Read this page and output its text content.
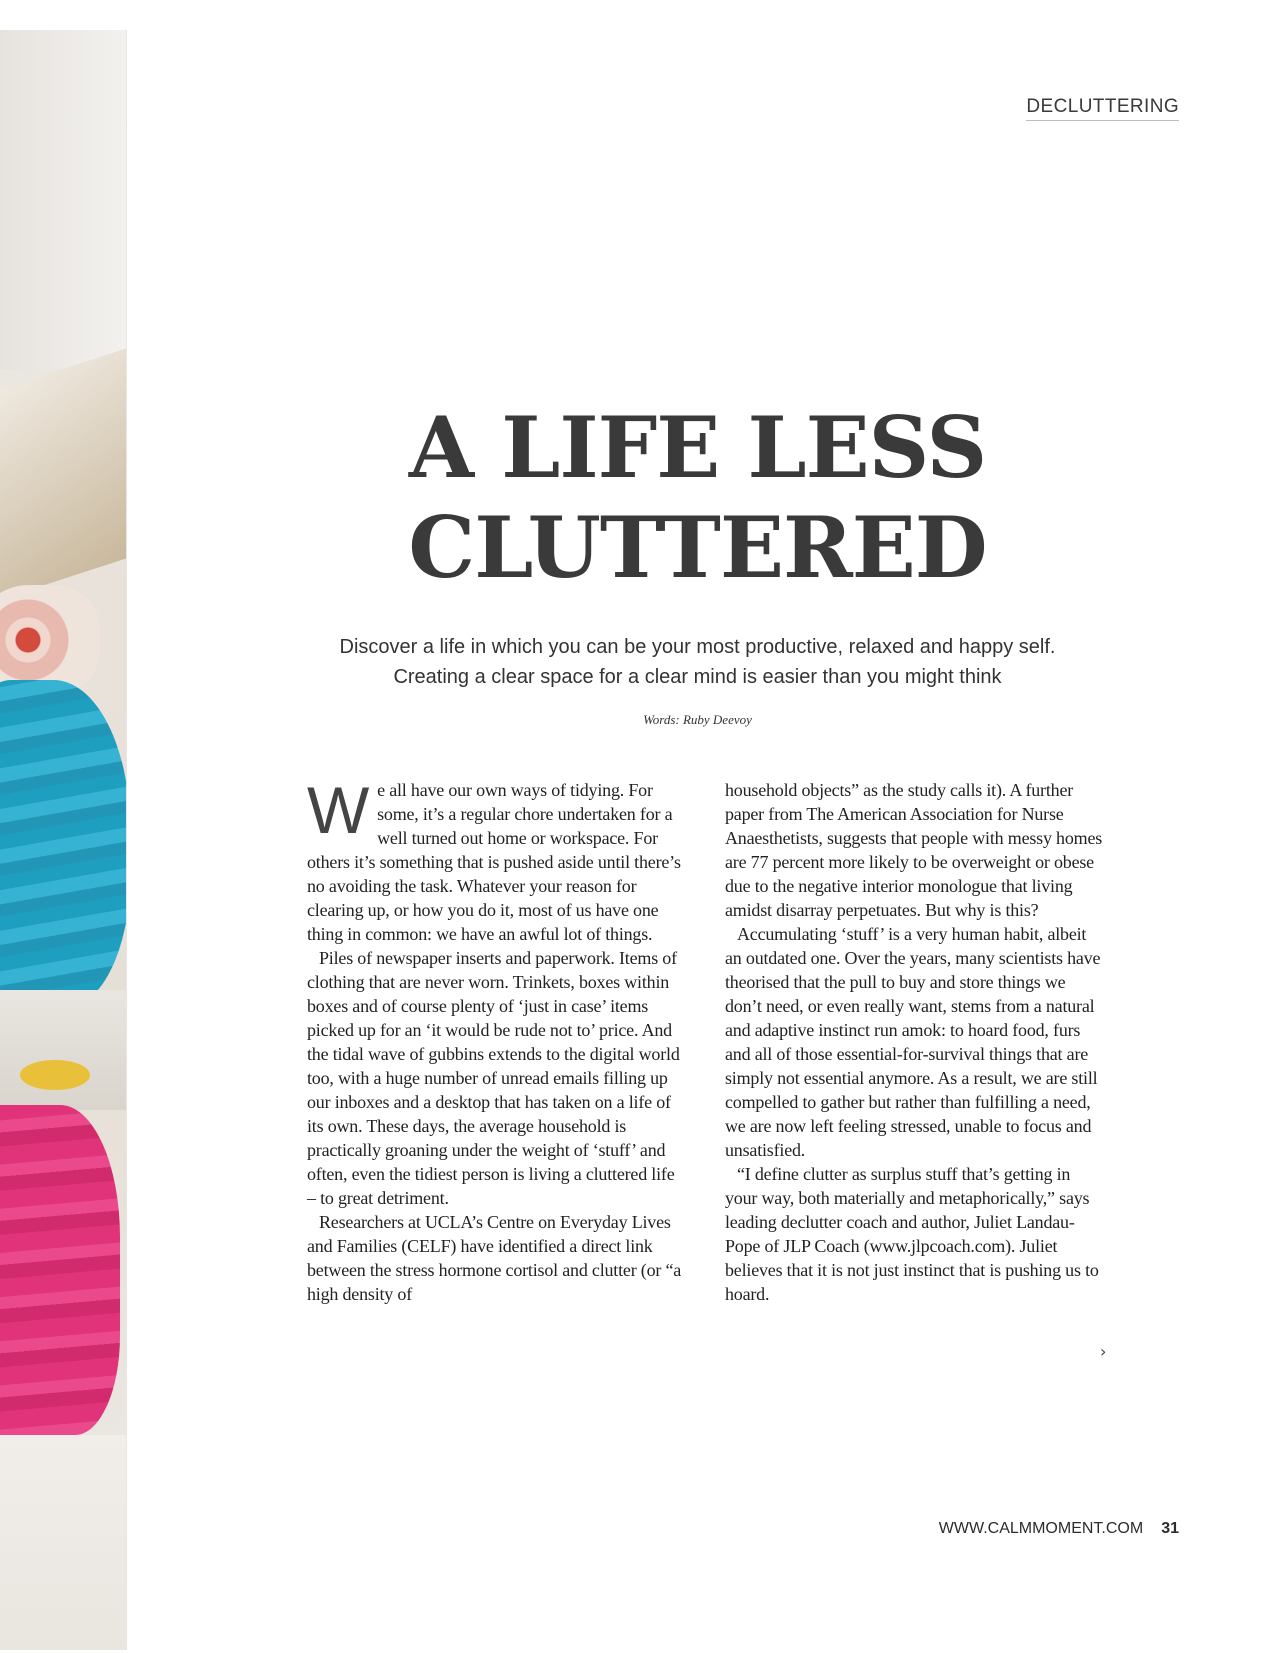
DECLUTTERING
A LIFE LESS
CLUTTERED
Discover a life in which you can be your most productive, relaxed and happy self.
Creating a clear space for a clear mind is easier than you might think
Words: Ruby Deevoy

We all have our own ways of tidying. For some, it’s a regular chore undertaken for a well turned out home or workspace. For others it’s something that is pushed aside until there’s no avoiding the task. Whatever your reason for clearing up, or how you do it, most of us have one thing in common: we have an awful lot of things.

Piles of newspaper inserts and paperwork. Items of clothing that are never worn. Trinkets, boxes within boxes and of course plenty of ‘just in case’ items picked up for an ‘it would be rude not to’ price. And the tidal wave of gubbins extends to the digital world too, with a huge number of unread emails filling up our inboxes and a desktop that has taken on a life of its own. These days, the average household is practically groaning under the weight of ‘stuff’ and often, even the tidiest person is living a cluttered life – to great detriment.

Researchers at UCLA’s Centre on Everyday Lives and Families (CELF) have identified a direct link between the stress hormone cortisol and clutter (or “a high density of

household objects” as the study calls it). A further paper from The American Association for Nurse Anaesthetists, suggests that people with messy homes are 77 percent more likely to be overweight or obese due to the negative interior monologue that living amidst disarray perpetuates. But why is this?

Accumulating ‘stuff’ is a very human habit, albeit an outdated one. Over the years, many scientists have theorised that the pull to buy and store things we don’t need, or even really want, stems from a natural and adaptive instinct run amok: to hoard food, furs and all of those essential-for-survival things that are simply not essential anymore. As a result, we are still compelled to gather but rather than fulfilling a need, we are now left feeling stressed, unable to focus and unsatisfied.

“I define clutter as surplus stuff that’s getting in your way, both materially and metaphorically,” says leading declutter coach and author, Juliet Landau-Pope of JLP Coach (www.jlpcoach.com). Juliet believes that it is not just instinct that is pushing us to hoard.

›
WWW.CALMMOMENT.COM 31
